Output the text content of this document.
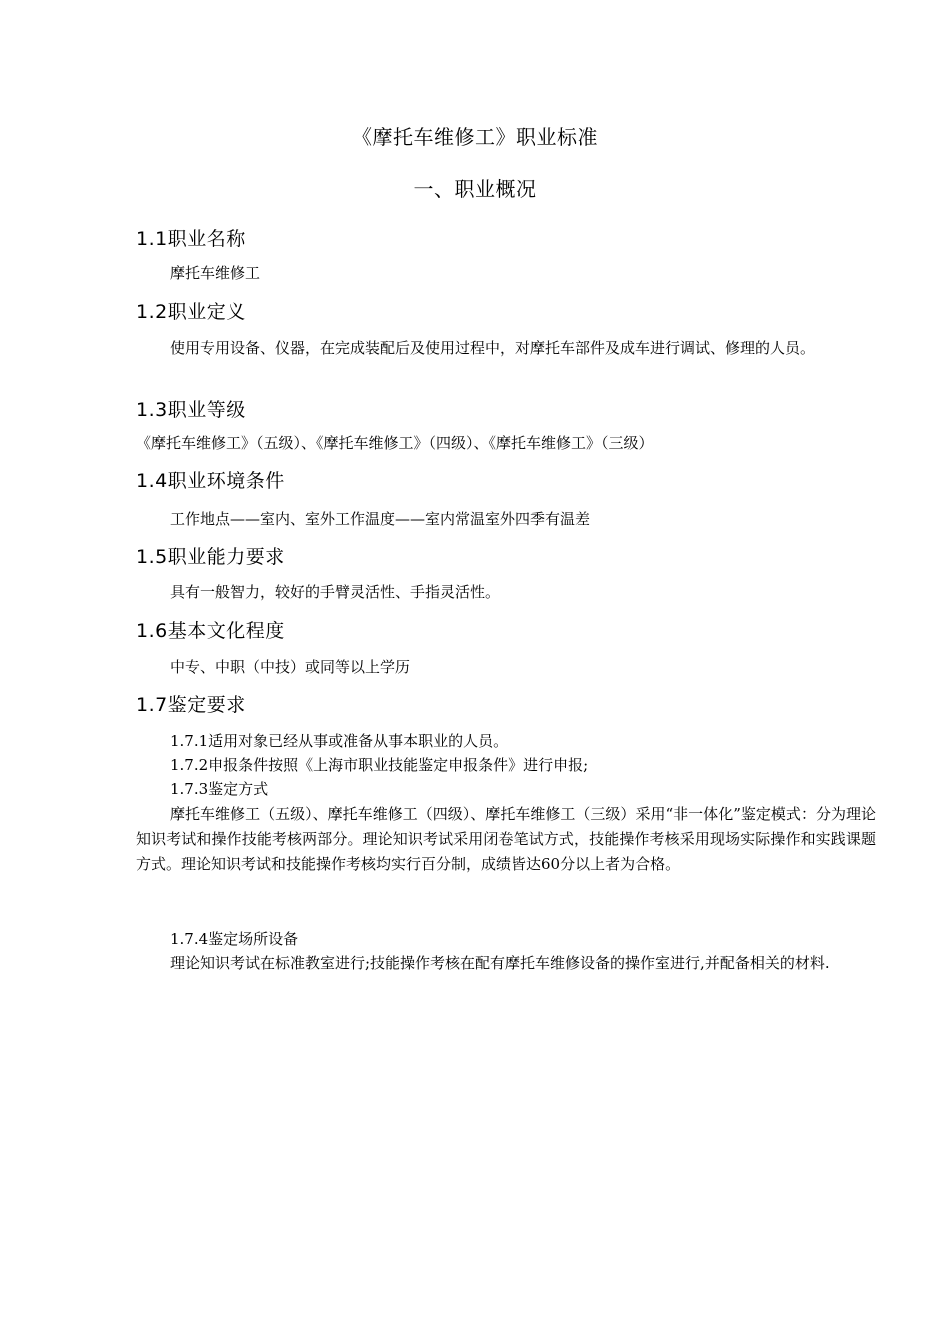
《摩托车维修工》职业标准
一、职业概况
1.1职业名称
摩托车维修工
1.2职业定义
使用专用设备、仪器，在完成装配后及使用过程中，对摩托车部件及成车进行调试、修理的人员。
1.3职业等级
《摩托车维修工》（五级）、《摩托车维修工》（四级）、《摩托车维修工》（三级）
1.4职业环境条件
工作地点——室内、室外工作温度——室内常温室外四季有温差
1.5职业能力要求
具有一般智力，较好的手臂灵活性、手指灵活性。
1.6基本文化程度
中专、中职（中技）或同等以上学历
1.7鉴定要求
1.7.1适用对象已经从事或准备从事本职业的人员。
1.7.2申报条件按照《上海市职业技能鉴定申报条件》进行申报;
1.7.3鉴定方式
摩托车维修工（五级）、摩托车维修工（四级）、摩托车维修工（三级）采用“非一体化”鉴定模式：分为理论知识考试和操作技能考核两部分。理论知识考试采用闭卷笔试方式，技能操作考核采用现场实际操作和实践课题方式。理论知识考试和技能操作考核均实行百分制，成绩皆达60分以上者为合格。
1.7.4鉴定场所设备
理论知识考试在标准教室进行;技能操作考核在配有摩托车维修设备的操作室进行,并配备相关的材料.
